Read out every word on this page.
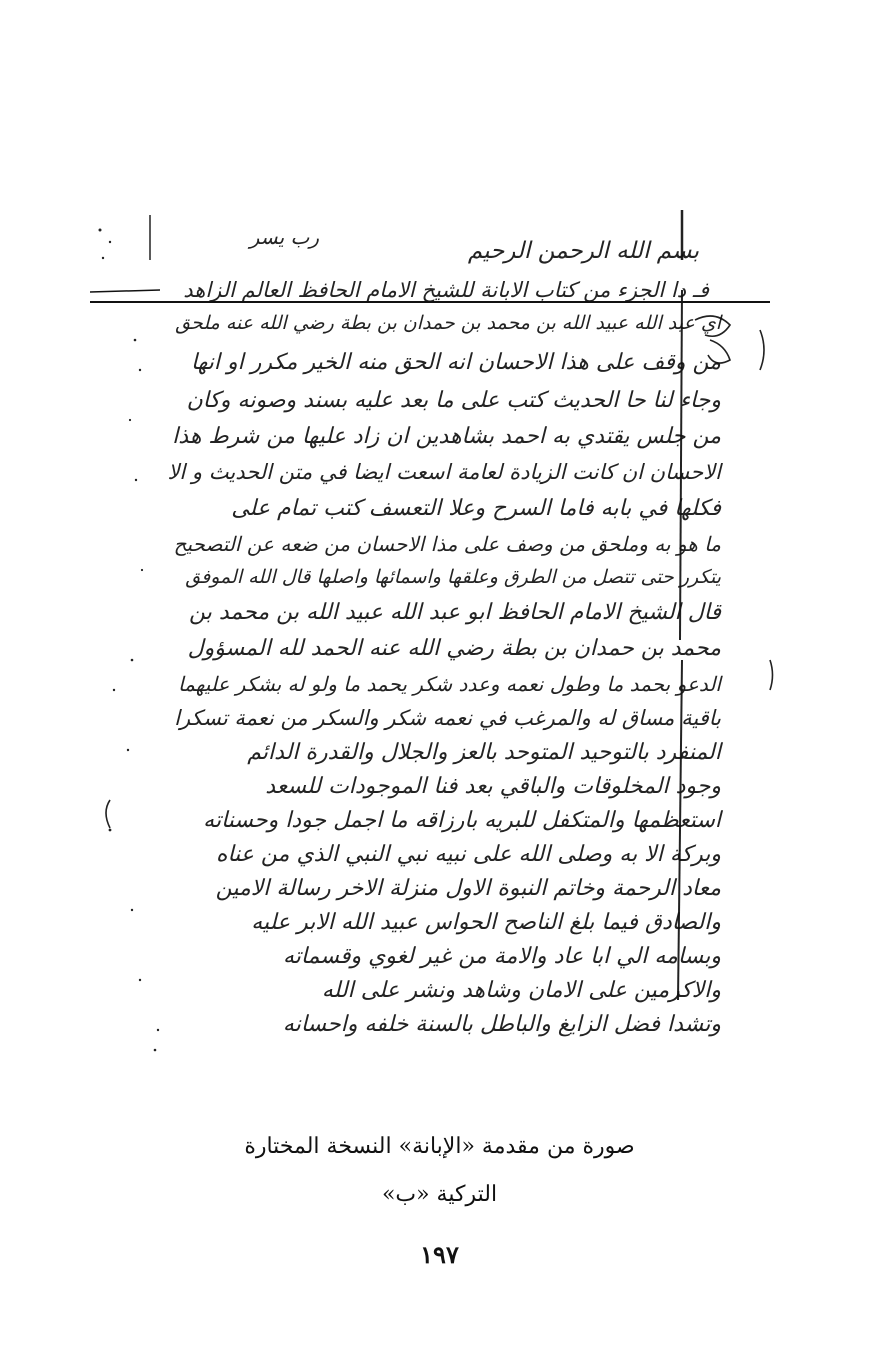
رب يسر
بسم الله الرحمن الرحيم
فـ دا الجزء من كتاب الابانة للشيخ الامام الحافظ العالم الزاهد
اي عبد الله عبيد الله بن محمد بن حمدان بن بطة رضي الله عنه ملحق
من وقف على هذا الاحسان انه الحق منه الخير مكرر او انها
وجاء لنا حا الحديث كتب على ما بعد عليه بسند وصونه وكان
من جلس يقتدي به احمد بشاهدين ان زاد عليها من شرط هذا
الاحسان ان كانت الزيادة لعامة اسعت ايضا في متن الحديث و الا
فكلها في بابه فاما السرح وعلا التعسف كتب تمام على
ما هو به وملحق من وصف على مذا الاحسان من ضعه عن التصحيح
يتكرر حتى تتصل من الطرق وعلقها واسمائها واصلها قال الله الموفق
قال الشيخ الامام الحافظ ابو عبد الله عبيد الله بن محمد بن
محمد بن حمدان بن بطة رضي الله عنه الحمد لله المسؤول
الدعو بحمد ما وطول نعمه وعدد شكر يحمد ما ولو له بشكر عليهما
باقية مساق له والمرغب في نعمه شكر والسكر من نعمة تسكرا
المنفرد بالتوحيد المتوحد بالعز والجلال والقدرة الدائم
وجود المخلوقات والباقي بعد فنا الموجودات للسعد
استعظمها والمتكفل للبريه بارزاقه ما اجمل جودا وحسناته
وبركة الا به وصلى الله على نبيه نبي النبي الذي من عناه
معاد الرحمة وخاتم النبوة الاول منزلة الاخر رسالة الامين
والصادق فيما بلغ الناصح الحواس عبيد الله الابر عليه
وبسامه الي ابا عاد والامة من غير لغوي وقسماته
والاكرمين على الامان وشاهد ونشر على الله
وتشدا فضل الزايغ والباطل بالسنة خلفه واحسانه
صورة من مقدمة «الإبانة» النسخة المختارة
التركية «ب»
١٩٧
